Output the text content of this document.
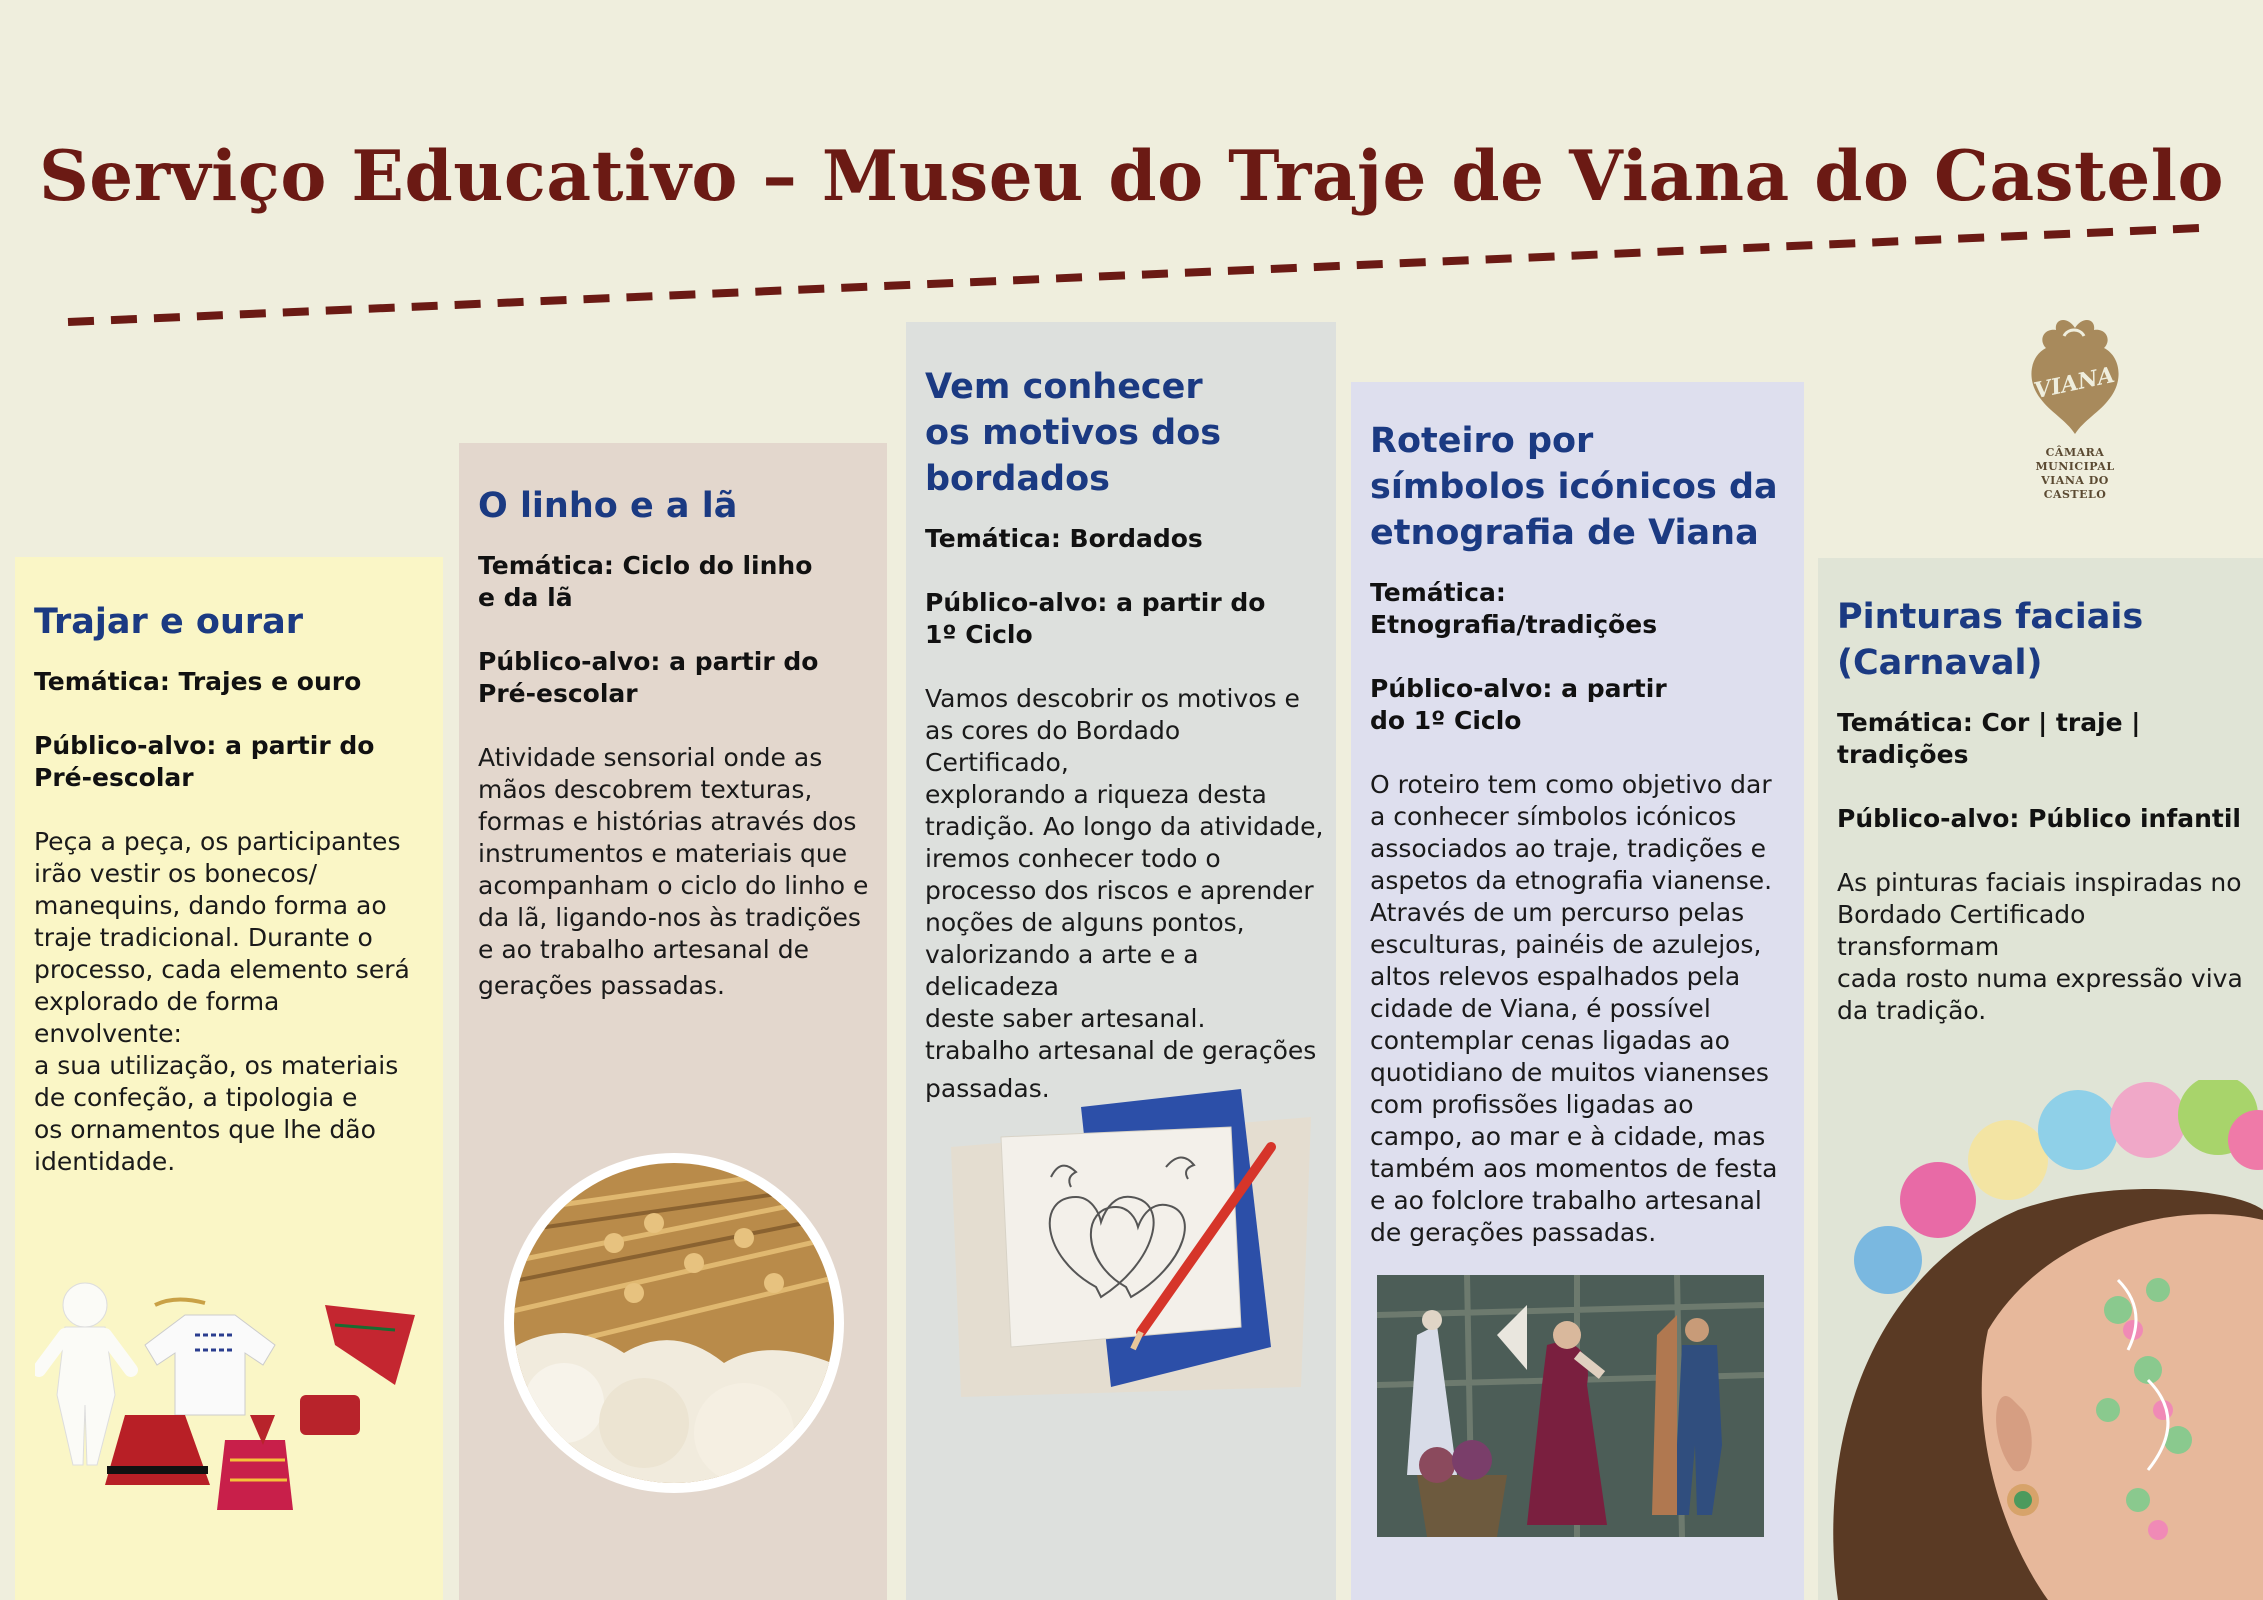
Serviço Educativo – Museu do Traje de Viana do Castelo
VIANA
CÂMARA MUNICIPAL
VIANA DO CASTELO
Trajar e ourar

Temática: Trajes e ouro

Público-alvo: a partir do
Pré-escolar

Peça a peça, os participantes
irão vestir os bonecos/
manequins, dando forma ao
traje tradicional. Durante o
processo, cada elemento será
explorado de forma envolvente:
a sua utilização, os materiais
de confeção, a tipologia e
os ornamentos que lhe dão
identidade.

O linho e a lã

Temática: Ciclo do linho
e da lã

Público-alvo: a partir do
Pré-escolar

Atividade sensorial onde as
mãos descobrem texturas,
formas e histórias através dos
instrumentos e materiais que
acompanham o ciclo do linho e
da lã, ligando-nos às tradições
e ao trabalho artesanal de
gerações passadas.

Vem conhecer
os motivos dos
bordados

Temática: Bordados

Público-alvo: a partir do
1º Ciclo

Vamos descobrir os motivos e
as cores do Bordado Certificado,
explorando a riqueza desta
tradição. Ao longo da atividade,
iremos conhecer todo o
processo dos riscos e aprender
noções de alguns pontos,
valorizando a arte e a delicadeza
deste saber artesanal.
trabalho artesanal de gerações
passadas.

Roteiro por
símbolos icónicos da
etnografia de Viana

Temática: Etnografia/tradições

Público-alvo: a partir
do 1º Ciclo

O roteiro tem como objetivo dar
a conhecer símbolos icónicos
associados ao traje, tradições e
aspetos da etnografia vianense.
Através de um percurso pelas
esculturas, painéis de azulejos,
altos relevos espalhados pela
cidade de Viana, é possível
contemplar cenas ligadas ao
quotidiano de muitos vianenses
com profissões ligadas ao
campo, ao mar e à cidade, mas
também aos momentos de festa
e ao folclore trabalho artesanal
de gerações passadas.

Pinturas faciais
(Carnaval)

Temática: Cor | traje | tradições

Público-alvo: Público infantil

As pinturas faciais inspiradas no
Bordado Certificado transformam
cada rosto numa expressão viva
da tradição.
